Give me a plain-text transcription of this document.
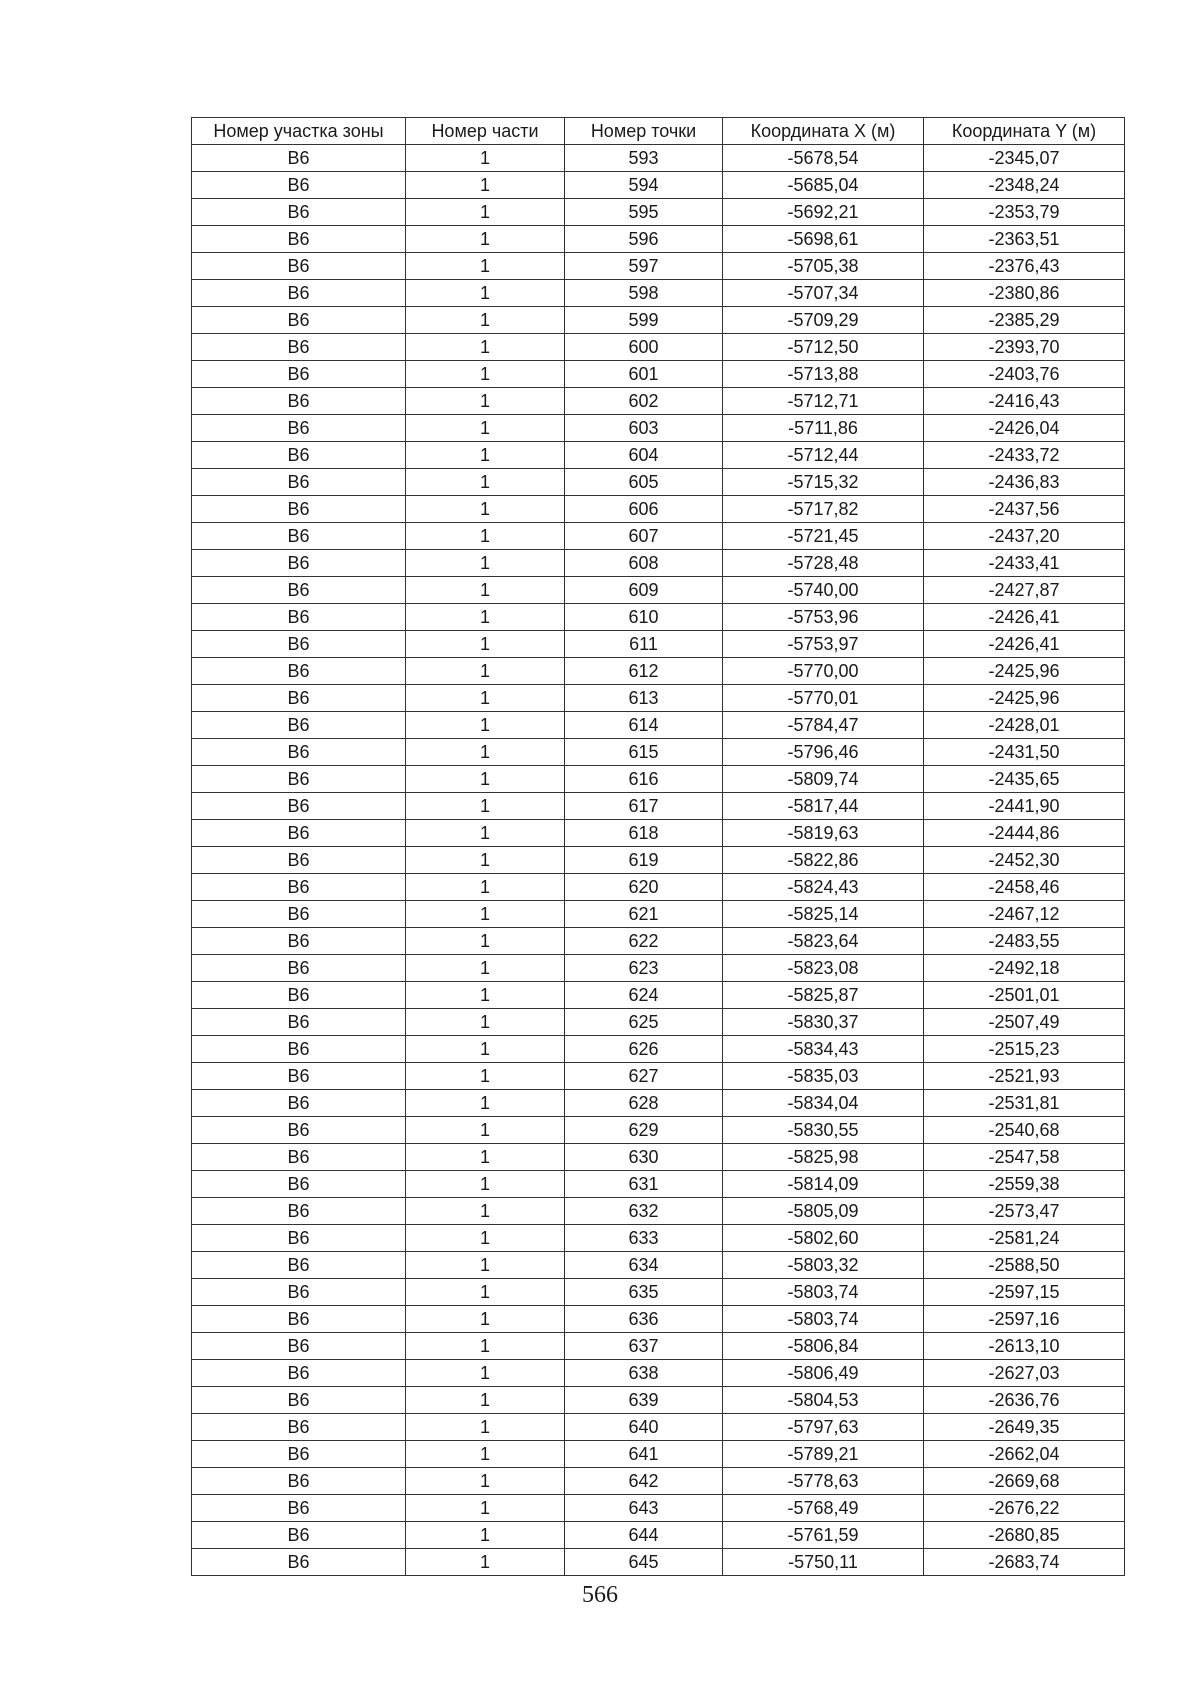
Номер участка зоны	Номер части	Номер точки	Координата X (м)	Координата Y (м)
В6	1	593	-5678,54	-2345,07
В6	1	594	-5685,04	-2348,24
В6	1	595	-5692,21	-2353,79
В6	1	596	-5698,61	-2363,51
В6	1	597	-5705,38	-2376,43
В6	1	598	-5707,34	-2380,86
В6	1	599	-5709,29	-2385,29
В6	1	600	-5712,50	-2393,70
В6	1	601	-5713,88	-2403,76
В6	1	602	-5712,71	-2416,43
В6	1	603	-5711,86	-2426,04
В6	1	604	-5712,44	-2433,72
В6	1	605	-5715,32	-2436,83
В6	1	606	-5717,82	-2437,56
В6	1	607	-5721,45	-2437,20
В6	1	608	-5728,48	-2433,41
В6	1	609	-5740,00	-2427,87
В6	1	610	-5753,96	-2426,41
В6	1	611	-5753,97	-2426,41
В6	1	612	-5770,00	-2425,96
В6	1	613	-5770,01	-2425,96
В6	1	614	-5784,47	-2428,01
В6	1	615	-5796,46	-2431,50
В6	1	616	-5809,74	-2435,65
В6	1	617	-5817,44	-2441,90
В6	1	618	-5819,63	-2444,86
В6	1	619	-5822,86	-2452,30
В6	1	620	-5824,43	-2458,46
В6	1	621	-5825,14	-2467,12
В6	1	622	-5823,64	-2483,55
В6	1	623	-5823,08	-2492,18
В6	1	624	-5825,87	-2501,01
В6	1	625	-5830,37	-2507,49
В6	1	626	-5834,43	-2515,23
В6	1	627	-5835,03	-2521,93
В6	1	628	-5834,04	-2531,81
В6	1	629	-5830,55	-2540,68
В6	1	630	-5825,98	-2547,58
В6	1	631	-5814,09	-2559,38
В6	1	632	-5805,09	-2573,47
В6	1	633	-5802,60	-2581,24
В6	1	634	-5803,32	-2588,50
В6	1	635	-5803,74	-2597,15
В6	1	636	-5803,74	-2597,16
В6	1	637	-5806,84	-2613,10
В6	1	638	-5806,49	-2627,03
В6	1	639	-5804,53	-2636,76
В6	1	640	-5797,63	-2649,35
В6	1	641	-5789,21	-2662,04
В6	1	642	-5778,63	-2669,68
В6	1	643	-5768,49	-2676,22
В6	1	644	-5761,59	-2680,85
В6	1	645	-5750,11	-2683,74
566
